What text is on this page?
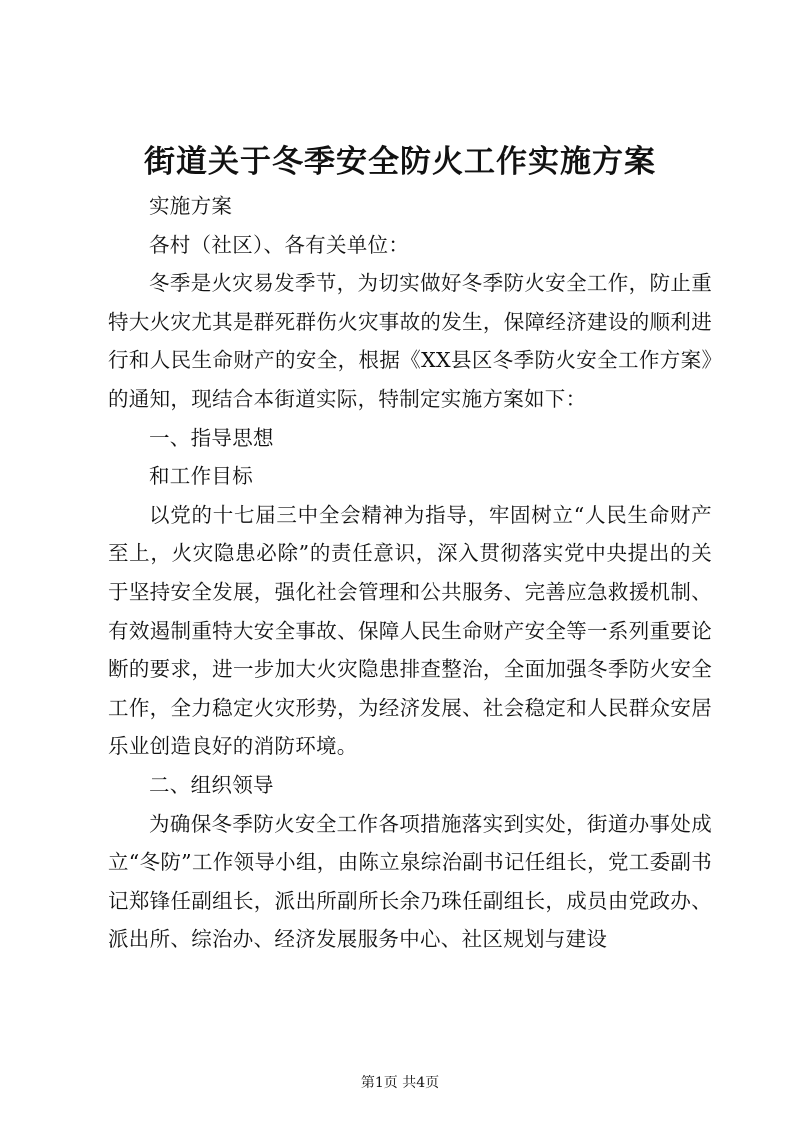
街道关于冬季安全防火工作实施方案

实施方案

各村（社区）、各有关单位：

冬季是火灾易发季节，为切实做好冬季防火安全工作，防止重特大火灾尤其是群死群伤火灾事故的发生，保障经济建设的顺利进行和人民生命财产的安全，根据《XX县区冬季防火安全工作方案》的通知，现结合本街道实际，特制定实施方案如下：

一、指导思想

和工作目标

以党的十七届三中全会精神为指导，牢固树立“人民生命财产至上，火灾隐患必除”的责任意识，深入贯彻落实党中央提出的关于坚持安全发展，强化社会管理和公共服务、完善应急救援机制、有效遏制重特大安全事故、保障人民生命财产安全等一系列重要论断的要求，进一步加大火灾隐患排查整治，全面加强冬季防火安全工作，全力稳定火灾形势，为经济发展、社会稳定和人民群众安居乐业创造良好的消防环境。

二、组织领导

为确保冬季防火安全工作各项措施落实到实处，街道办事处成立“冬防”工作领导小组，由陈立泉综治副书记任组长，党工委副书记郑锋任副组长，派出所副所长余乃珠任副组长，成员由党政办、派出所、综治办、经济发展服务中心、社区规划与建设

第1页 共4页
